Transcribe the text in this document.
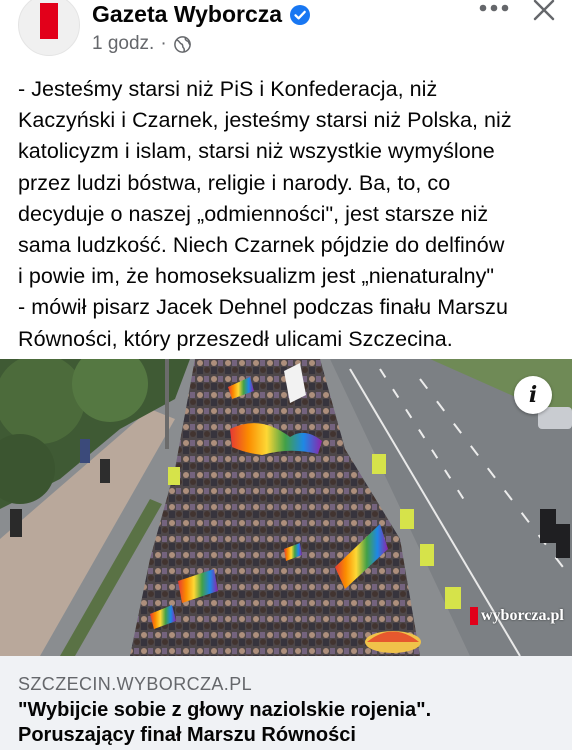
Gazeta Wyborcza
1 godz. ·
- Jesteśmy starsi niż PiS i Konfederacja, niż
Kaczyński i Czarnek, jesteśmy starsi niż Polska, niż
katolicyzm i islam, starsi niż wszystkie wymyślone
przez ludzi bóstwa, religie i narody. Ba, to, co
decyduje o naszej „odmienności", jest starsze niż
sama ludzkość. Niech Czarnek pójdzie do delfinów
i powie im, że homoseksualizm jest „nienaturalny"
- mówił pisarz Jacek Dehnel podczas finału Marszu
Równości, który przeszedł ulicami Szczecina.
i
wyborcza.pl
SZCZECIN.WYBORCZA.PL
"Wybijcie sobie z głowy naziolskie rojenia".
Poruszający finał Marszu Równości
